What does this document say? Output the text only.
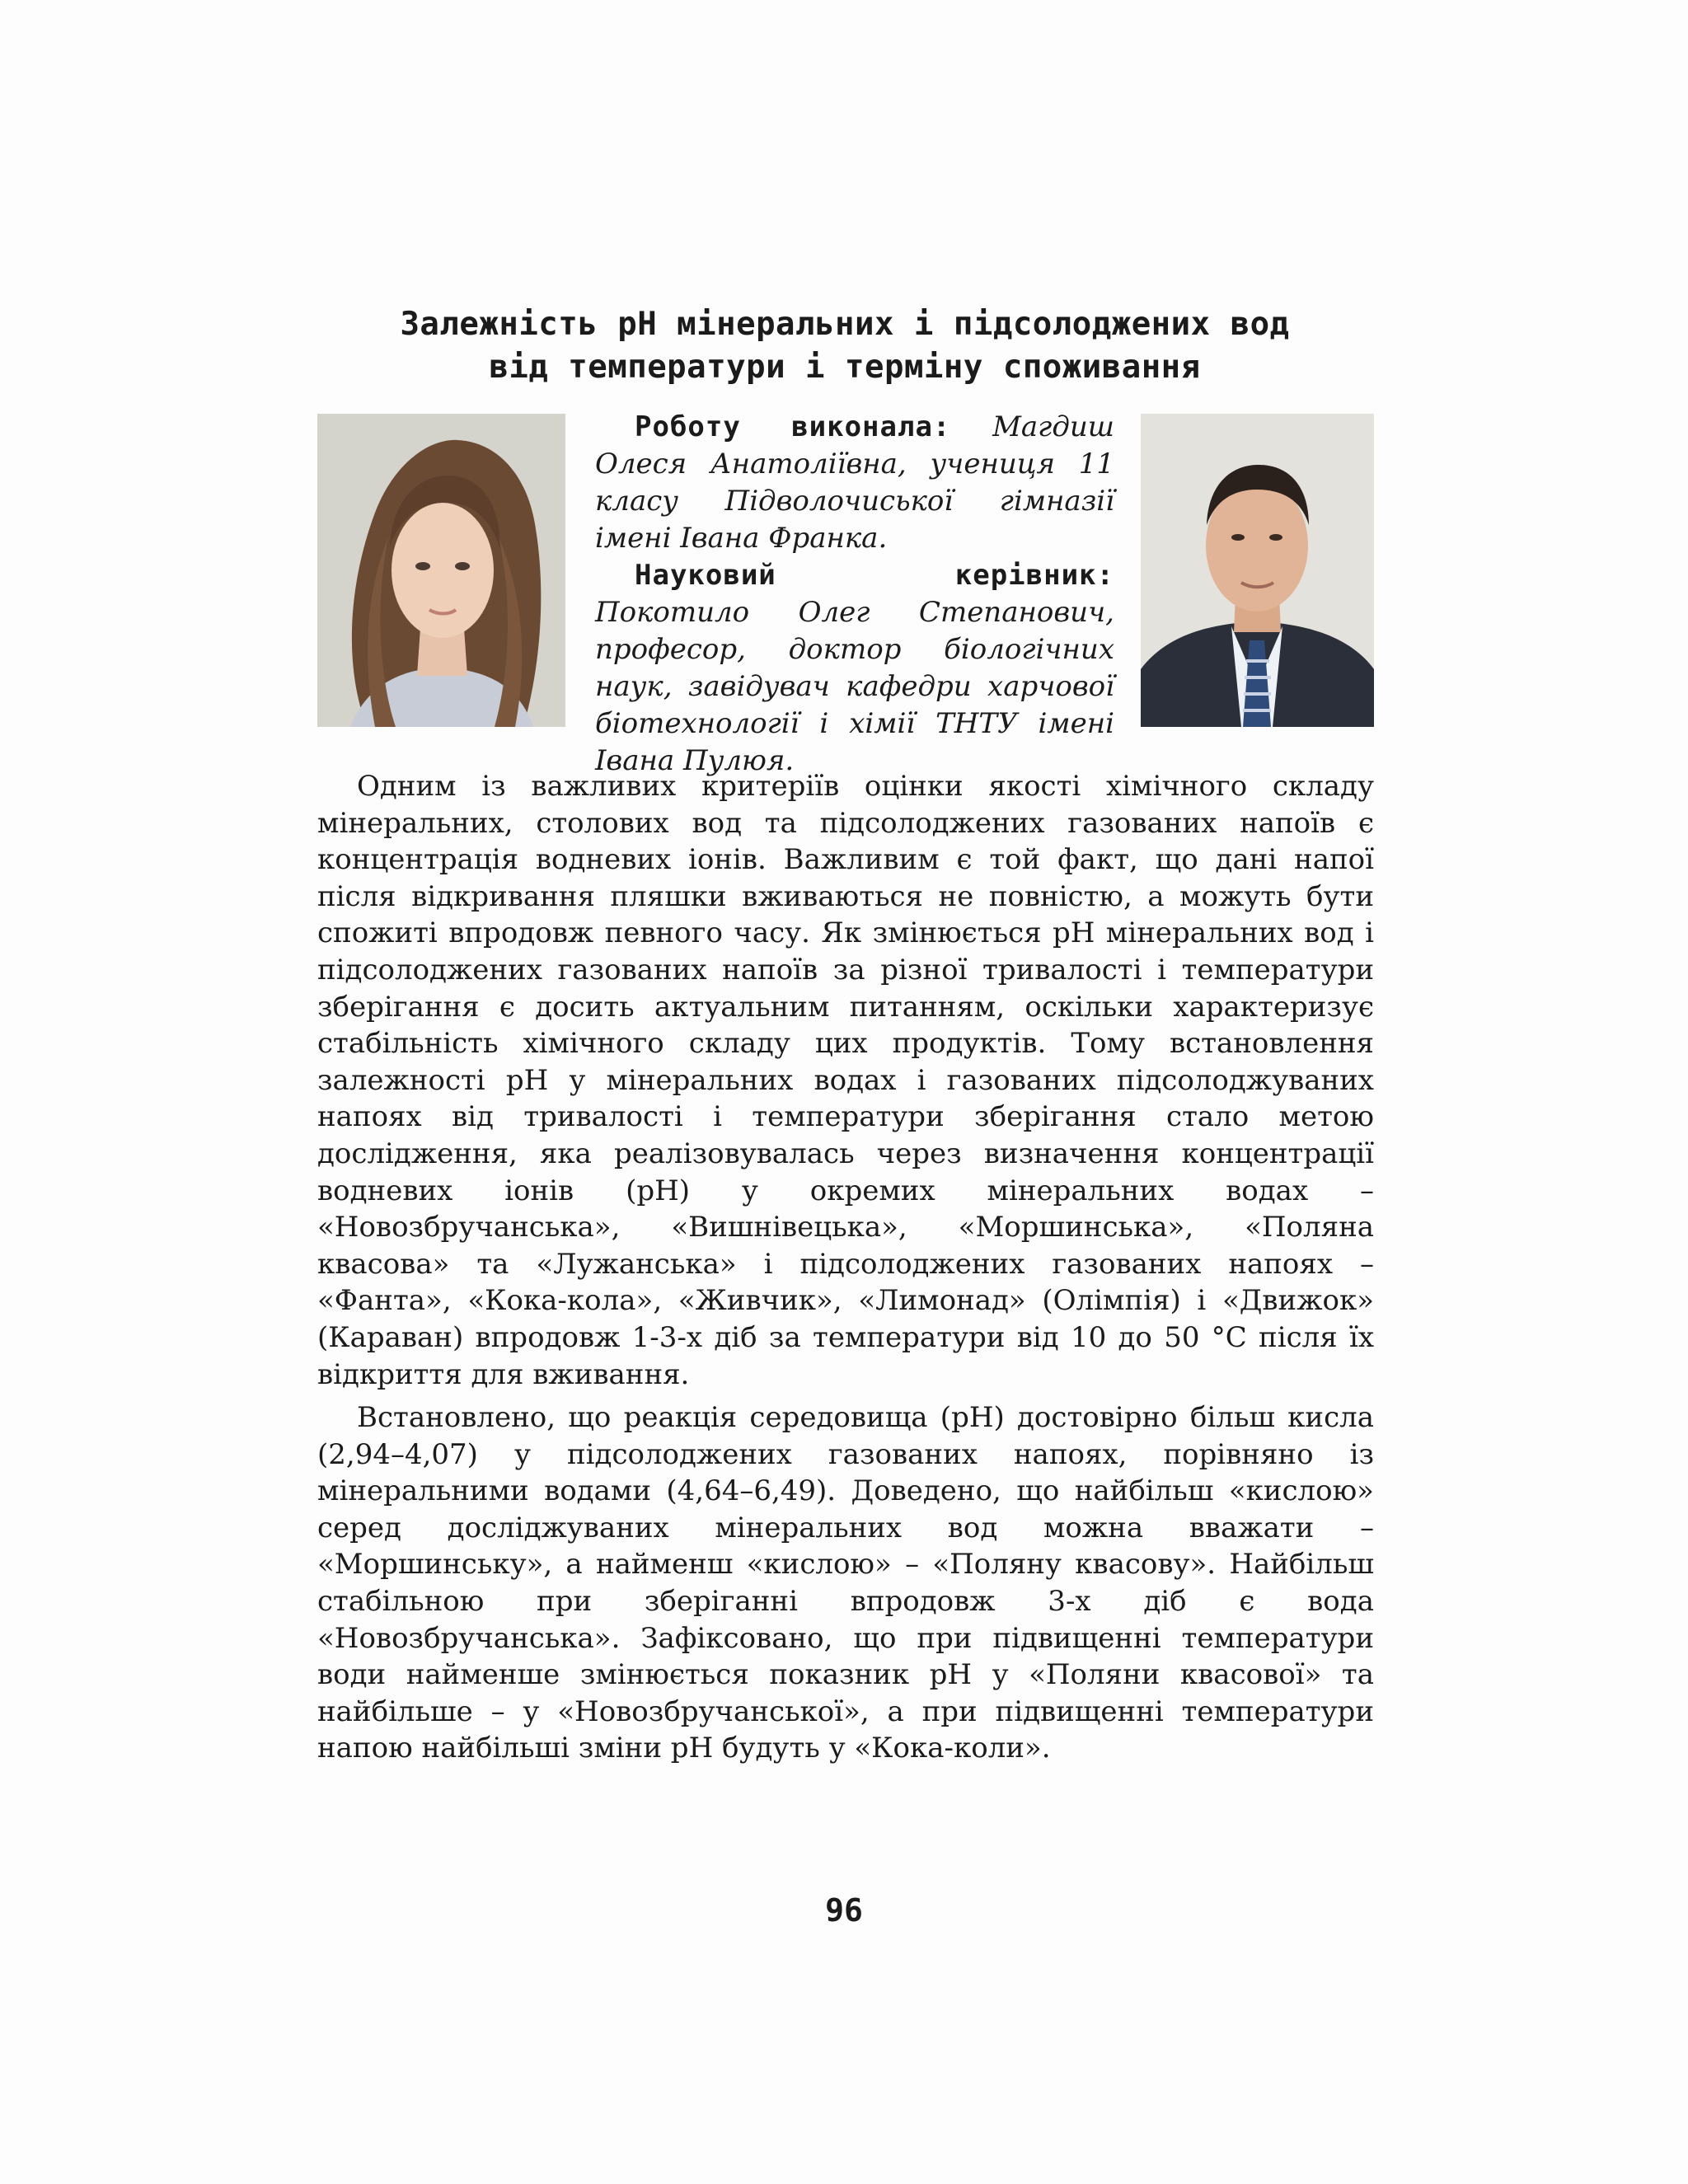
Залежність рН мінеральних і підсолоджених вод
від температури і терміну споживання

Роботу виконала: Магдиш Олеся Анатоліївна, учениця 11 класу Підволочиської гімназії імені Івана Франка.

Науковий керівник: Покотило Олег Степанович, професор, доктор біологічних наук, завідувач кафедри харчової біотехнології і хімії ТНТУ імені Івана Пулюя.

Одним із важливих критеріїв оцінки якості хімічного складу мінеральних, столових вод та підсолоджених газованих напоїв є концентрація водневих іонів. Важливим є той факт, що дані напої після відкривання пляшки вживаються не повністю, а можуть бути спожиті впродовж певного часу. Як змінюється рН мінеральних вод і підсолоджених газованих напоїв за різної тривалості і температури зберігання є досить актуальним питанням, оскільки характеризує стабільність хімічного складу цих продуктів. Тому встановлення залежності рН у мінеральних водах і газованих підсолоджуваних напоях від тривалості і температури зберігання стало метою дослідження, яка реалізовувалась через визначення концентрації водневих іонів (рН) у окремих мінеральних водах – «Новозбручанська», «Вишнівецька», «Моршинська», «Поляна квасова» та «Лужанська» і підсолоджених газованих напоях – «Фанта», «Кока-кола», «Живчик», «Лимонад» (Олімпія) і «Движок» (Караван) впродовж 1-3-х діб за температури від 10 до 50 °С після їх відкриття для вживання.

Встановлено, що реакція середовища (рН) достовірно більш кисла (2,94–4,07) у підсолоджених газованих напоях, порівняно із мінеральними водами (4,64–6,49). Доведено, що найбільш «кислою» серед досліджуваних мінеральних вод можна вважати – «Моршинську», а найменш «кислою» – «Поляну квасову». Найбільш стабільною при зберіганні впродовж 3-х діб є вода «Новозбручанська». Зафіксовано, що при підвищенні температури води найменше змінюється показник рН у «Поляни квасової» та найбільше – у «Новозбручанської», а при підвищенні температури напою найбільші зміни рН будуть у «Кока-коли».

96
